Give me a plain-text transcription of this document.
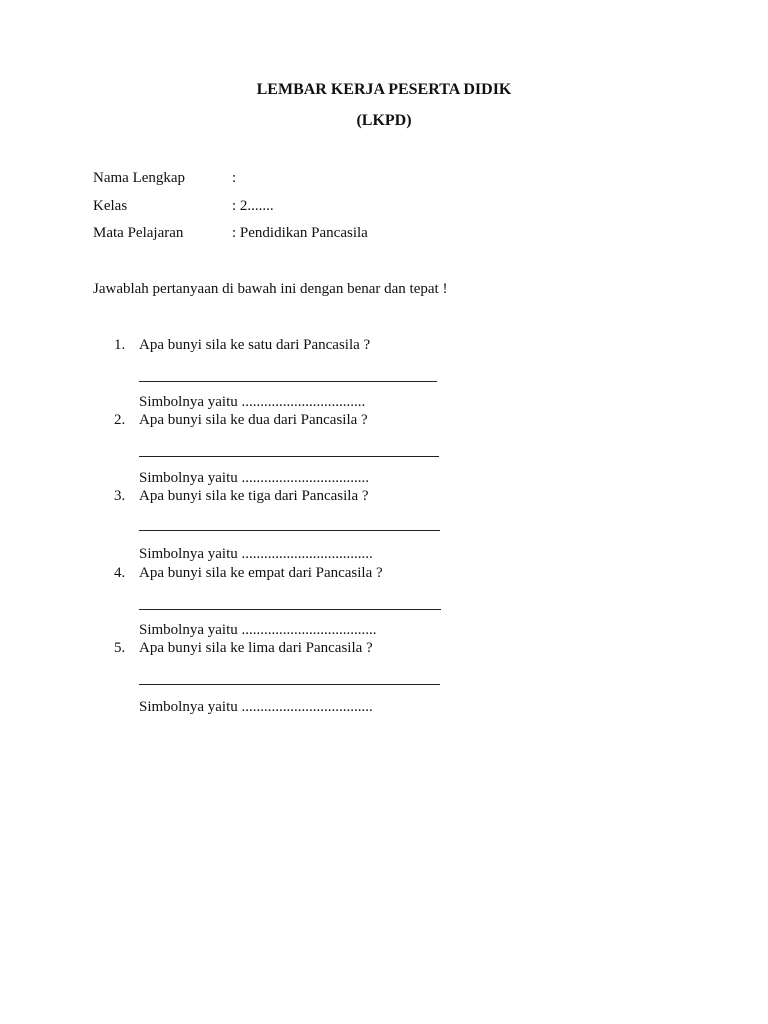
LEMBAR KERJA PESERTA DIDIK
(LKPD)
Nama Lengkap	:
Kelas	: 2.......
Mata Pelajaran	: Pendidikan Pancasila
Jawablah pertanyaan di bawah ini dengan benar dan tepat !
1. Apa bunyi sila ke satu dari Pancasila ?
Simbolnya yaitu .................................
2. Apa bunyi sila ke dua dari Pancasila ?
Simbolnya yaitu ..................................
3. Apa bunyi sila ke tiga dari Pancasila ?
Simbolnya yaitu ...................................
4. Apa bunyi sila ke empat dari Pancasila ?
Simbolnya yaitu ....................................
5. Apa bunyi sila ke lima dari Pancasila ?
Simbolnya yaitu ...................................
